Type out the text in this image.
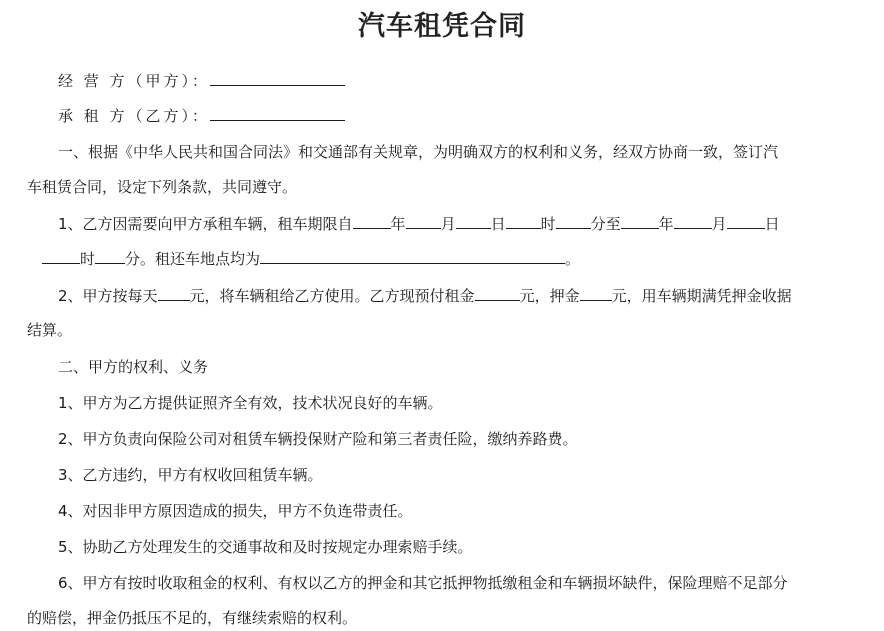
汽车租凭合同
经 营 方（甲方）：
承 租 方（乙方）：
一、根据《中华人民共和国合同法》和交通部有关规章，为明确双方的权利和义务，经双方协商一致，签订汽
车租赁合同，设定下列条款，共同遵守。
1、乙方因需要向甲方承租车辆，租车期限自	年 月 日 时 分至	年	月	日
时 分。租还车地点均为	。
2、甲方按每天 元，将车辆租给乙方使用。乙方现预付租金	元，押金 元，用车辆期满凭押金收据
结算。
二、甲方的权利、义务
1、甲方为乙方提供证照齐全有效，技术状况良好的车辆。
2、甲方负责向保险公司对租赁车辆投保财产险和第三者责任险，缴纳养路费。
3、乙方违约，甲方有权收回租赁车辆。
4、对因非甲方原因造成的损失，甲方不负连带责任。
5、协助乙方处理发生的交通事故和及时按规定办理索赔手续。
6、甲方有按时收取租金的权利、有权以乙方的押金和其它抵押物抵缴租金和车辆损坏缺件，保险理赔不足部分
的赔偿，押金仍抵压不足的，有继续索赔的权利。
